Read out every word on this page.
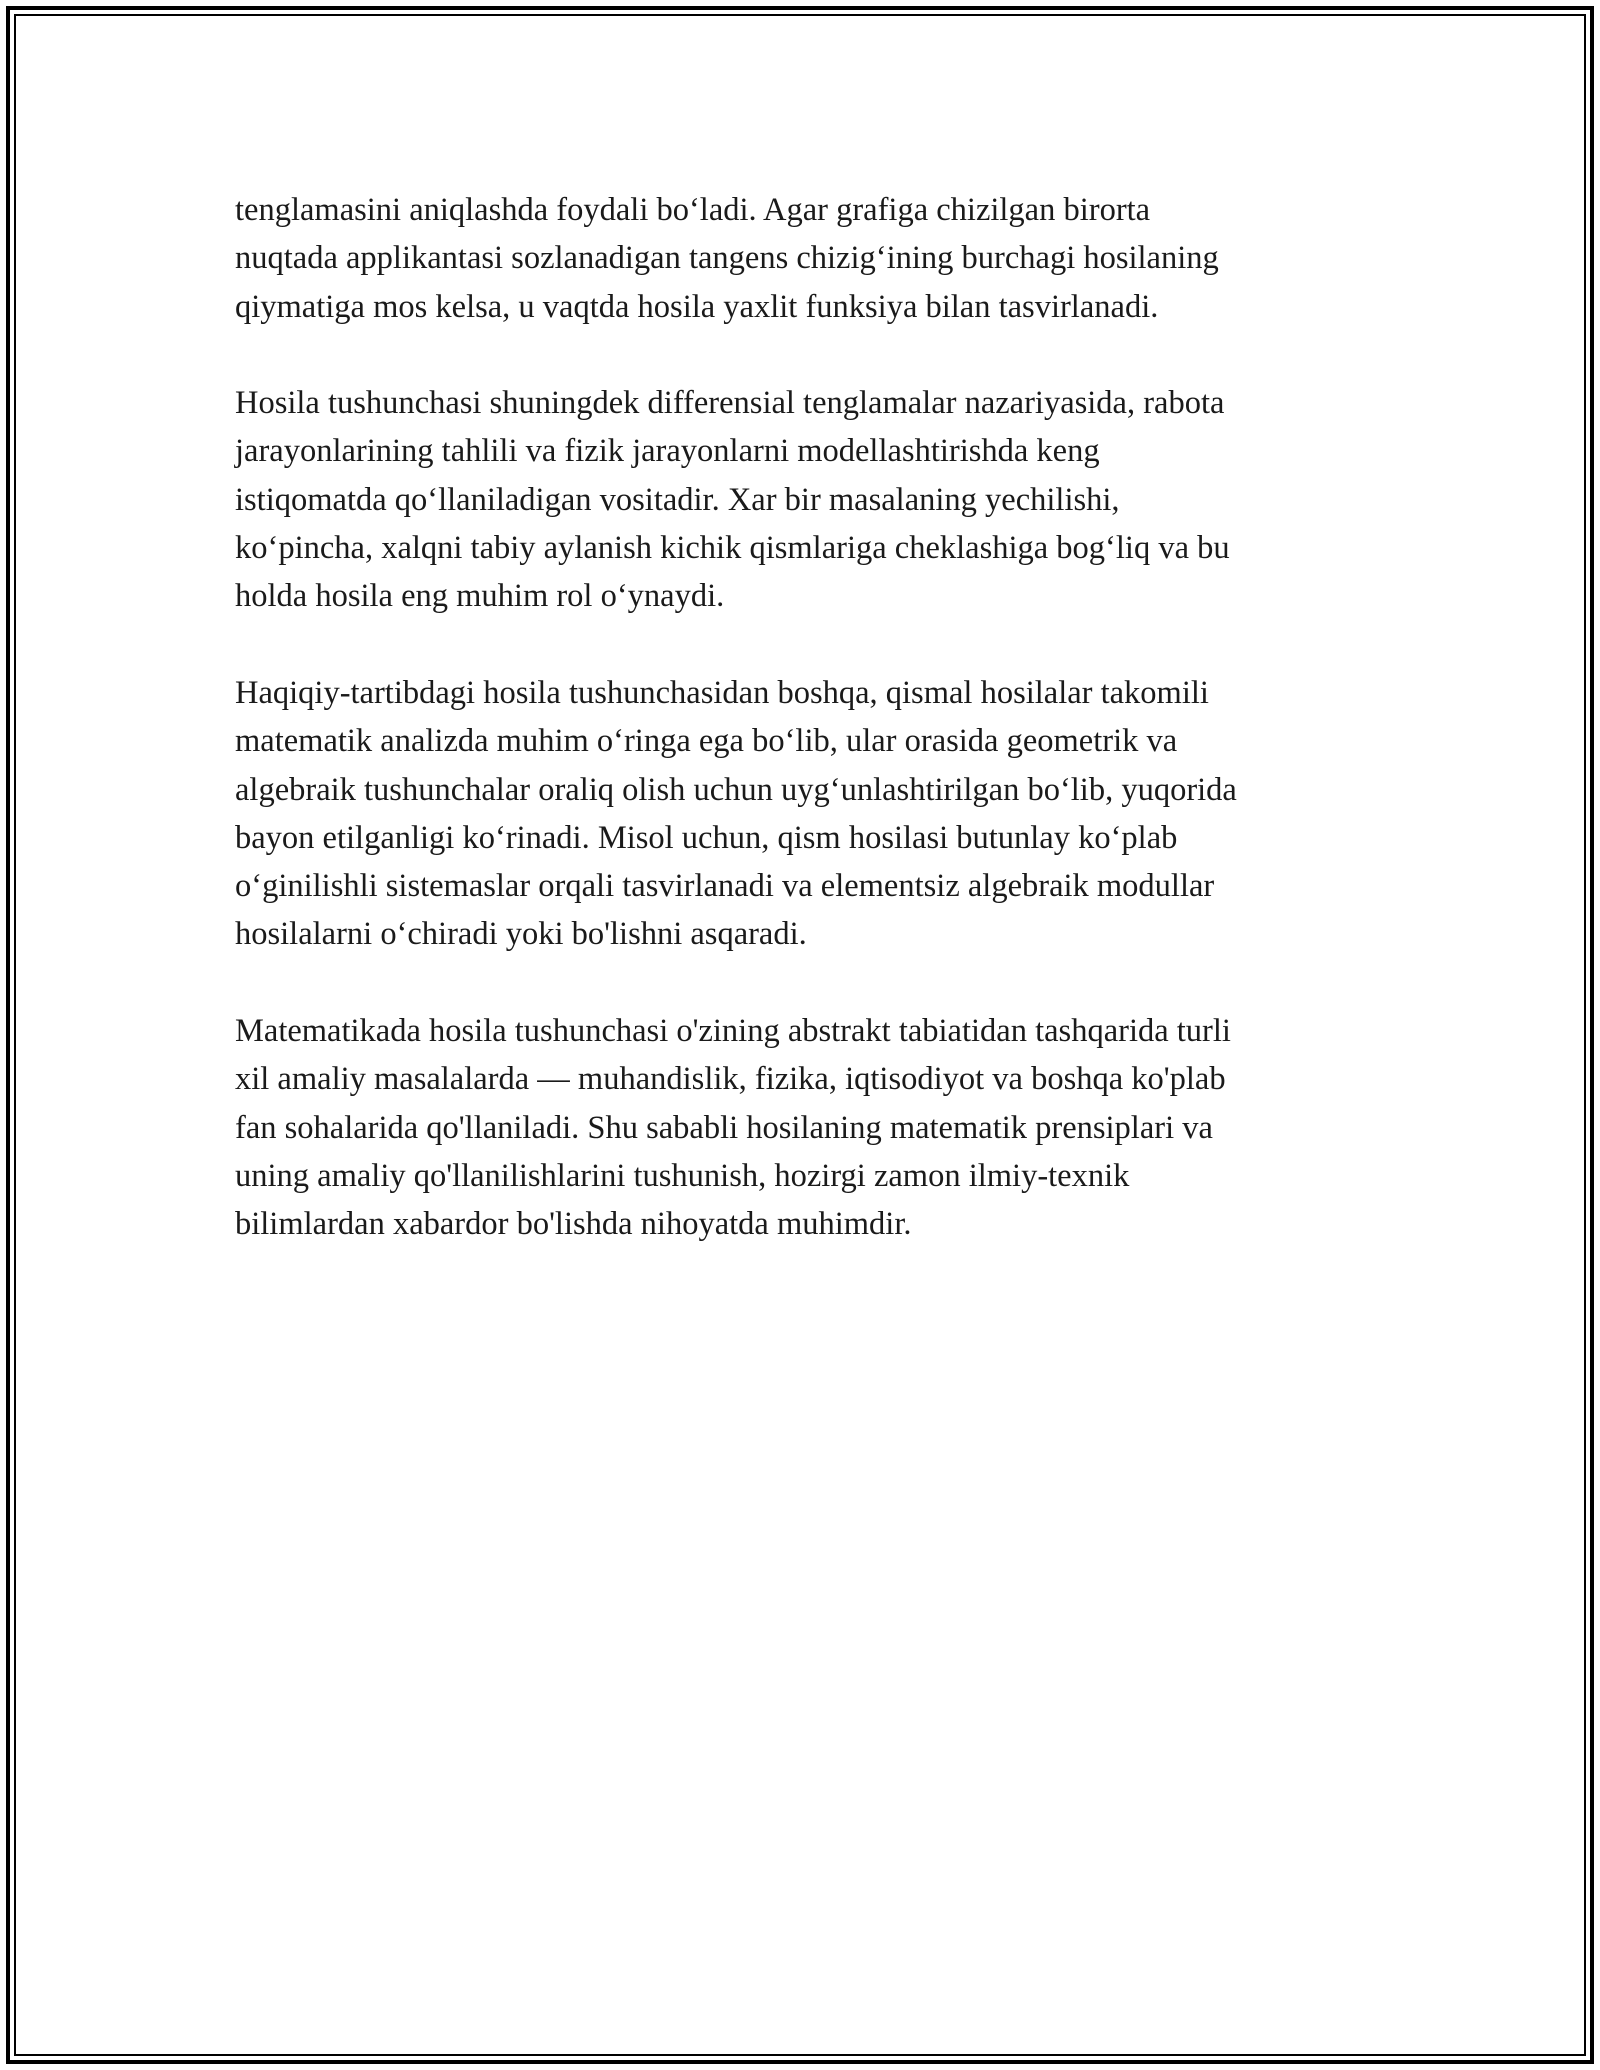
tenglamasini aniqlashda foydali bo‘ladi. Agar grafiga chizilgan birorta
nuqtada applikantasi sozlanadigan tangens chizig‘ining burchagi hosilaning
qiymatiga mos kelsa, u vaqtda hosila yaxlit funksiya bilan tasvirlanadi.

Hosila tushunchasi shuningdek differensial tenglamalar nazariyasida, rabota
jarayonlarining tahlili va fizik jarayonlarni modellashtirishda keng
istiqomatda qo‘llaniladigan vositadir. Xar bir masalaning yechilishi,
ko‘pincha, xalqni tabiy aylanish kichik qismlariga cheklashiga bog‘liq va bu
holda hosila eng muhim rol o‘ynaydi.

Haqiqiy-tartibdagi hosila tushunchasidan boshqa, qismal hosilalar takomili
matematik analizda muhim o‘ringa ega bo‘lib, ular orasida geometrik va
algebraik tushunchalar oraliq olish uchun uyg‘unlashtirilgan bo‘lib, yuqorida
bayon etilganligi ko‘rinadi. Misol uchun, qism hosilasi butunlay ko‘plab
o‘ginilishli sistemaslar orqali tasvirlanadi va elementsiz algebraik modullar
hosilalarni o‘chiradi yoki bo'lishni asqaradi.

Matematikada hosila tushunchasi o'zining abstrakt tabiatidan tashqarida turli
xil amaliy masalalarda — muhandislik, fizika, iqtisodiyot va boshqa ko'plab
fan sohalarida qo'llaniladi. Shu sababli hosilaning matematik prensiplari va
uning amaliy qo'llanilishlarini tushunish, hozirgi zamon ilmiy-texnik
bilimlardan xabardor bo'lishda nihoyatda muhimdir.
